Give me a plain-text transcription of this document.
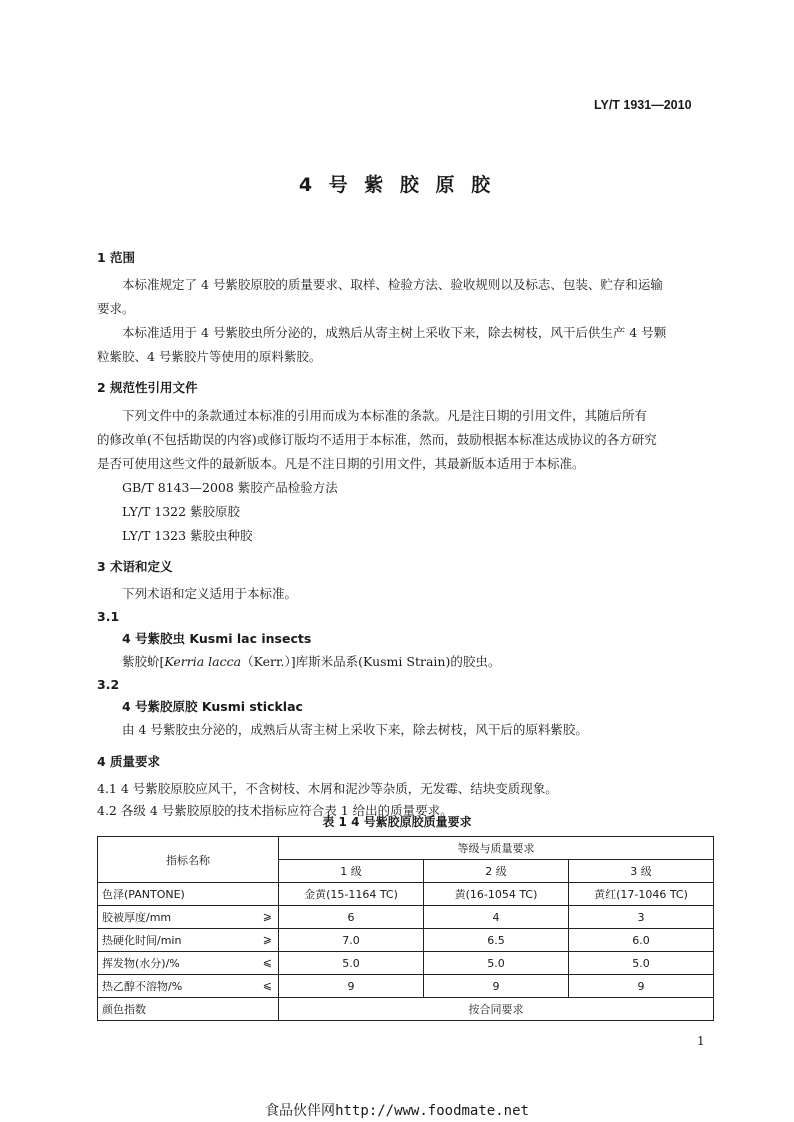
LY/T 1931—2010
4 号 紫 胶 原 胶
1 范围
本标准规定了 4 号紫胶原胶的质量要求、取样、检验方法、验收规则以及标志、包装、贮存和运输
要求。
本标准适用于 4 号紫胶虫所分泌的，成熟后从寄主树上采收下来，除去树枝，风干后供生产 4 号颗
粒紫胶、4 号紫胶片等使用的原料紫胶。
2 规范性引用文件
下列文件中的条款通过本标准的引用而成为本标准的条款。凡是注日期的引用文件，其随后所有
的修改单(不包括勘误的内容)或修订版均不适用于本标准，然而，鼓励根据本标准达成协议的各方研究
是否可使用这些文件的最新版本。凡是不注日期的引用文件，其最新版本适用于本标准。
GB/T 8143—2008 紫胶产品检验方法
LY/T 1322 紫胶原胶
LY/T 1323 紫胶虫种胶
3 术语和定义
下列术语和定义适用于本标准。
3.1
4 号紫胶虫 Kusmi lac insects
紫胶蚧[Kerria lacca（Kerr.）]库斯米品系(Kusmi Strain)的胶虫。
3.2
4 号紫胶原胶 Kusmi sticklac
由 4 号紫胶虫分泌的，成熟后从寄主树上采收下来，除去树枝，风干后的原料紫胶。
4 质量要求
4.1 4 号紫胶原胶应风干，不含树枝、木屑和泥沙等杂质，无发霉、结块变质现象。
4.2 各级 4 号紫胶原胶的技术指标应符合表 1 给出的质量要求。
表 1 4 号紫胶原胶质量要求
指标名称	等级与质量要求		
	1 级	2 级	3 级
色泽(PANTONE)	金黄(15-1164 TC)	黄(16-1054 TC)	黄红(17-1046 TC)
胶被厚度/mm ⩾	6	4	3
热硬化时间/min ⩾	7.0	6.5	6.0
挥发物(水分)/% ⩽	5.0	5.0	5.0
热乙醇不溶物/% ⩽	9	9	9
颜色指数	按合同要求		
1
食品伙伴网http://www.foodmate.net
